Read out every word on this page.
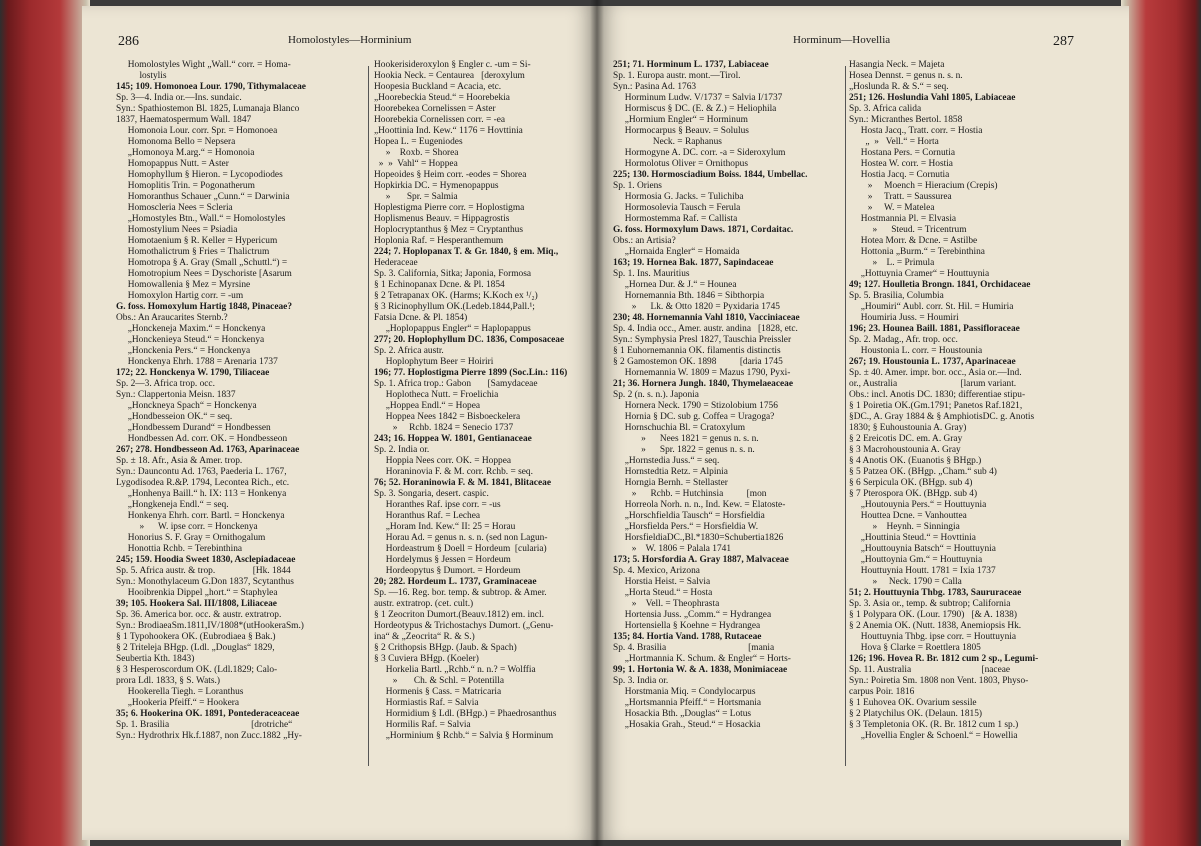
286	Homolostyles—Horminium
Homolostyles Wight „Wall.“ corr. = Homa-
lostylis
145; 109. Homonoea Lour. 1790, Tithymalaceae
Sp. 3—4. India or.—Ins. sundaic.
Syn.: Spathiostemon Bl. 1825, Lumanaja Blanco
1837, Haematospermum Wall. 1847
Homonoia Lour. corr. Spr. = Homonoea
Homonoma Bello = Nepsera
„Homonoya M.arg.“ = Homonoia
Homopappus Nutt. = Aster
Homophyllum § Hieron. = Lycopodiodes
Homoplitis Trin. = Pogonatherum
Homoranthus Schauer „Cunn.“ = Darwinia
Homoscleria Nees = Scleria
„Homostyles Btn., Wall.“ = Homolostyles
Homostylium Nees = Psiadia
Homotaenium § R. Keller = Hypericum
Homothalictrum § Fries = Thalictrum
Homotropa § A. Gray (Small „Schuttl.“) =
Homotropium Nees = Dyschoriste [Asarum
Homowallenia § Mez = Myrsine
Homoxylon Hartig corr. = -um
G. foss. Homoxylum Hartig 1848, Pinaceae?
Obs.: An Araucarites Sternb.?
„Honckeneja Maxim.“ = Honckenya
„Honckenieya Steud.“ = Honckenya
„Honckenia Pers.“ = Honckenya
Honckenya Ehrh. 1788 = Arenaria 1737
172; 22. Honckenya W. 1790, Tiliaceae
Sp. 2—3. Africa trop. occ.
Syn.: Clappertonia Meisn. 1837
„Honckneya Spach“ = Honckenya
„Hondbesseion OK.“ = seq.
„Hondbessem Durand“ = Hondbessen
Hondbessen Ad. corr. OK. = Hondbesseon
267; 278. Hondbesseon Ad. 1763, Aparinaceae
Sp. ± 18. Afr., Asia & Amer. trop.
Syn.: Dauncontu Ad. 1763, Paederia L. 1767,
Lygodisodea R.&P. 1794, Lecontea Rich., etc.
„Honhenya Baill.“ h. IX: 113 = Honkenya
„Hongkeneja Endl.“ = seq.
Honkenya Ehrh. corr. Bartl. = Honckenya
»      W. ipse corr. = Honckenya
Honorius S. F. Gray = Ornithogalum
Honottia Rchb. = Terebinthina
245; 159. Hoodia Sweet 1830, Asclepiadaceae
Sp. 5. Africa austr. & trop.                [Hk. 1844
Syn.: Monothylaceum G.Don 1837, Scytanthus
Hooibrenkia Dippel „hort.“ = Staphylea
39; 105. Hookera Sal. III/1808, Liliaceae
Sp. 36. America bor. occ. & austr. extratrop.
Syn.: BrodiaeaSm.1811,IV/1808*(utHookeraSm.)
§ 1 Typohookera OK. (Eubrodiaea § Bak.)
§ 2 Triteleja BHgp. (Ldl. „Douglas“ 1829,
Seubertia Kth. 1843)
§ 3 Hesperoscordum OK. (Ldl.1829; Calo-
prora Ldl. 1833, § S. Wats.)
Hookerella Tiegh. = Loranthus
„Hookeria Pfeiff.“ = Hookera
35; 6. Hookerina OK. 1891, Pontederaceaceae
Sp. 1. Brasilia                                   [drotriche“
Syn.: Hydrothrix Hk.f.1887, non Zucc.1882 „Hy-
Hookerisideroxylon § Engler c. -um = Si-
Hookia Neck. = Centaurea   [deroxylum
Hoopesia Buckland = Acacia, etc.
„Hoorebeckia Steud.“ = Hoorebekia
Hoorebekea Cornelissen = Aster
Hoorebekia Cornelissen corr. = -ea
„Hoottinia Ind. Kew.“ 1176 = Hovttinia
Hopea L. = Eugeniodes
»    Roxb. = Shorea
»  »  Vahl“ = Hoppea
Hopeoides § Heim corr. -eodes = Shorea
Hopkirkia DC. = Hymenopappus
»       Spr. = Salmia
Hoplestigma Pierre corr. = Hoplostigma
Hoplismenus Beauv. = Hippagrostis
Hoplocryptanthus § Mez = Cryptanthus
Hoplonia Raf. = Hesperanthemum
224; 7. Hoplopanax T. & Gr. 1840, § em. Miq.,
Hederaceae
Sp. 3. California, Sitka; Japonia, Formosa
§ 1 Echinopanax Dcne. & Pl. 1854
§ 2 Tetrapanax OK. (Harms; K.Koch ex ¹/₂)
§ 3 Ricinophyllum OK.(Ledeb.1844,Pall.¹;
Fatsia Dcne. & Pl. 1854)
„Hoplopappus Engler“ = Haplopappus
277; 20. Hoplophyllum DC. 1836, Composaceae
Sp. 2. Africa austr.
Hoplophytum Beer = Hoiriri
196; 77. Hoplostigma Pierre 1899 (Soc.Lin.: 116)
Sp. 1. Africa trop.: Gabon       [Samydaceae
Hoplotheca Nutt. = Froelichia
„Hoppea Endl.“ = Hopea
Hoppea Nees 1842 = Bisboeckelera
»     Rchb. 1824 = Senecio 1737
243; 16. Hoppea W. 1801, Gentianaceae
Sp. 2. India or.
Hoppia Nees corr. OK. = Hoppea
Horaninovia F. & M. corr. Rchb. = seq.
76; 52. Horaninowia F. & M. 1841, Blitaceae
Sp. 3. Songaria, desert. caspic.
Horanthes Raf. ipse corr. = -us
Horanthus Raf. = Lechea
„Horam Ind. Kew.“ II: 25 = Horau
Horau Ad. = genus n. s. n. (sed non Lagun-
Hordeastrum § Doell = Hordeum  [cularia)
Hordelymus § Jessen = Hordeum
Hordeopytus § Dumort. = Hordeum
20; 282. Hordeum L. 1737, Graminaceae
Sp. —16. Reg. bor. temp. & subtrop. & Amer.
austr. extratrop. (cet. cult.)
§ 1 Zeocriton Dumort.(Beauv.1812) em. incl.
Hordeotypus & Trichostachys Dumort. („Genu-
ina“ & „Zeocrita“ R. & S.)
§ 2 Crithopsis BHgp. (Jaub. & Spach)
§ 3 Cuviera BHgp. (Koeler)
Horkelia Bartl. „Rchb.“ n. n.? = Wolffia
»       Ch. & Schl. = Potentilla
Hormenis § Cass. = Matricaria
Hormiastis Raf. = Salvia
Hormidium § Ldl. (BHgp.) = Phaedrosanthus
Hormilis Raf. = Salvia
„Horminium § Rchb.“ = Salvia § Horminum
Horminum—Hovellia	287
251; 71. Horminum L. 1737, Labiaceae
Sp. 1. Europa austr. mont.—Tirol.
Syn.: Pasina Ad. 1763
Horminum Ludw. V/1737 = Salvia I/1737
Hormiscus § DC. (E. & Z.) = Heliophila
„Hormium Engler“ = Horminum
Hormocarpus § Beauv. = Solulus
Neck. = Raphanus
Hormogyne A. DC. corr. -a = Sideroxylum
Hormolotus Oliver = Ornithopus
225; 130. Hormosciadium Boiss. 1844, Umbellac.
Sp. 1. Oriens
Hormosia G. Jacks. = Tulichiba
Hormosolevia Tausch = Ferula
Hormostemma Raf. = Callista
G. foss. Hormoxylum Daws. 1871, Cordaitac.
Obs.: an Artisia?
„Hornaida Engler“ = Homaida
163; 19. Hornea Bak. 1877, Sapindaceae
Sp. 1. Ins. Mauritius
„Hornea Dur. & J.“ = Hounea
Hornemannia Bth. 1846 = Sibthorpia
»      Lk. & Otto 1820 = Pyxidaria 1745
230; 48. Hornemannia Vahl 1810, Vacciniaceae
Sp. 4. India occ., Amer. austr. andina   [1828, etc.
Syn.: Symphysia Presl 1827, Tauschia Preissler
§ 1 Euhornemannia OK. filamentis distinctis
§ 2 Gamostemon OK. 1898          [daria 1745
Hornemannia W. 1809 = Mazus 1790, Pyxi-
21; 36. Hornera Jungh. 1840, Thymelaeaceae
Sp. 2 (n. s. n.). Japonia
Hornera Neck. 1790 = Stizolobium 1756
Hornia § DC. sub g. Coffea = Uragoga?
Hornschuchia Bl. = Cratoxylum
»      Nees 1821 = genus n. s. n.
»      Spr. 1822 = genus n. s. n.
„Hornstedia Juss.“ = seq.
Hornstedtia Retz. = Alpinia
Horngia Bernh. = Stellaster
»      Rchb. = Hutchinsia          [mon
Horreola Norh. n. n., Ind. Kew. = Elatoste-
„Horschfieldia Tausch“ = Horsfieldia
„Horsfielda Pers.“ = Horsfieldia W.
HorsfieldiaDC.,Bl.*1830=Schubertia1826
»    W. 1806 = Palala 1741
173; 5. Horsfordia A. Gray 1887, Malvaceae
Sp. 4. Mexico, Arizona
Horstia Heist. = Salvia
„Horta Steud.“ = Hosta
»    Vell. = Theophrasta
Hortensia Juss. „Comm.“ = Hydrangea
Hortensiella § Koehne = Hydrangea
135; 84. Hortia Vand. 1788, Rutaceae
Sp. 4. Brasilia                                   [mania
„Hortmannia K. Schum. & Engler“ = Horts-
99; 1. Hortonia W. & A. 1838, Monimiaceae
Sp. 3. India or.
Horstmania Miq. = Condylocarpus
„Hortsmannia Pfeiff.“ = Hortsmania
Hosackia Bth. „Douglas“ = Lotus
„Hosakia Grah., Steud.“ = Hosackia
Hasangia Neck. = Majeta
Hosea Dennst. = genus n. s. n.
„Hoslunda R. & S.“ = seq.
251; 126. Hoslundia Vahl 1805, Labiaceae
Sp. 3. Africa calida
Syn.: Micranthes Bertol. 1858
Hosta Jacq., Tratt. corr. = Hostia
„  »   Vell.“ = Horta
Hostana Pers. = Cornutia
Hostea W. corr. = Hostia
Hostia Jacq. = Cornutia
»     Moench = Hieracium (Crepis)
»     Tratt. = Saussurea
»     W. = Matelea
Hostmannia Pl. = Elvasia
»      Steud. = Tricentrum
Hotea Morr. & Dcne. = Astilbe
Hottonia „Burm.“ = Terebinthina
»    L. = Primula
„Hottuynia Cramer“ = Houttuynia
49; 127. Houlletia Brongn. 1841, Orchidaceae
Sp. 5. Brasilia, Columbia
„Houmiri“ Aubl. corr. St. Hil. = Humiria
Houmiria Juss. = Houmiri
196; 23. Hounea Baill. 1881, Passifloraceae
Sp. 2. Madag., Afr. trop. occ.
Houstonia L. corr. = Houstounia
267; 19. Houstounia L. 1737, Aparinaceae
Sp. ± 40. Amer. impr. bor. occ., Asia or.—Ind.
or., Australia                           [larum variant.
Obs.: incl. Anotis DC. 1830; differentiae stipu-
§ 1 Poiretia OK.(Gm.1791; Panetos Raf.1821,
§DC., A. Gray 1884 & § AmphiotisDC. g. Anotis
1830; § Euhoustounia A. Gray)
§ 2 Ereicotis DC. em. A. Gray
§ 3 Macrohoustounia A. Gray
§ 4 Anotis OK. (Euanotis § BHgp.)
§ 5 Patzea OK. (BHgp. „Cham.“ sub 4)
§ 6 Serpicula OK. (BHgp. sub 4)
§ 7 Pterospora OK. (BHgp. sub 4)
„Houtouynia Pers.“ = Houttuynia
Houttea Dcne. = Vanhouttea
»    Heynh. = Sinningia
„Houttinia Steud.“ = Hovttinia
„Houttouynia Batsch“ = Houttuynia
„Houttoynia Gm.“ = Houttuynia
Houttuynia Houtt. 1781 = Ixia 1737
»     Neck. 1790 = Calla
51; 2. Houttuynia Thbg. 1783, Saururaceae
Sp. 3. Asia or., temp. & subtrop; California
§ 1 Polypara OK. (Lour. 1790)   [& A. 1838)
§ 2 Anemia OK. (Nutt. 1838, Anemiopsis Hk.
Houttuynia Thbg. ipse corr. = Houttuynia
Hova § Clarke = Roettlera 1805
126; 196. Hovea R. Br. 1812 cum 2 sp., Legumi-
Sp. 11. Australia                              [naceae
Syn.: Poiretia Sm. 1808 non Vent. 1803, Physo-
carpus Poir. 1816
§ 1 Euhovea OK. Ovarium sessile
§ 2 Platychilus OK. (Delaun. 1815)
§ 3 Templetonia OK. (R. Br. 1812 cum 1 sp.)
„Hovellia Engler & Schoenl.“ = Howellia
